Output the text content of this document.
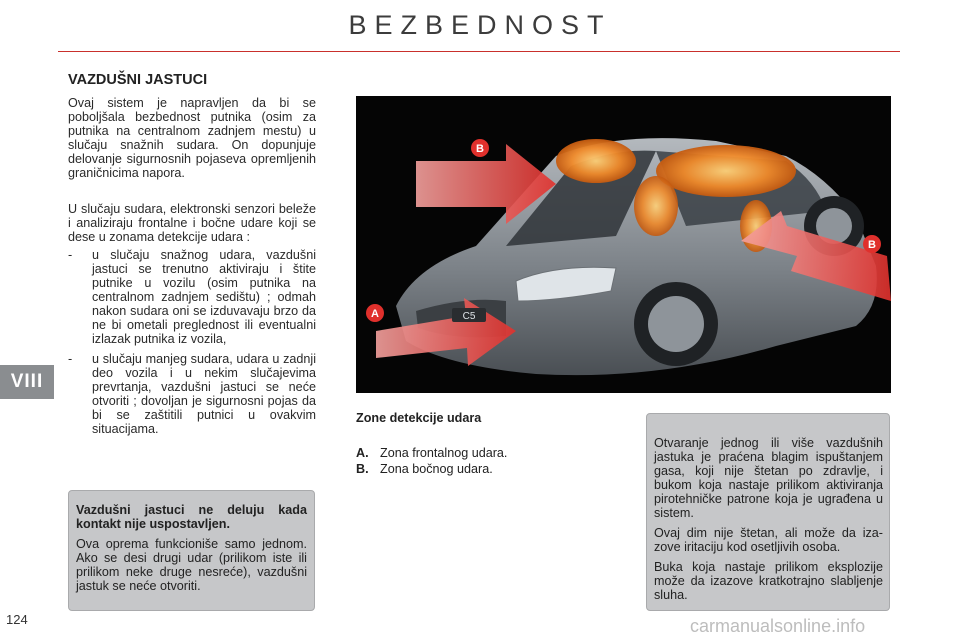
BEZBEDNOST
VIII
VAZDUŠNI JASTUCI

Ovaj sistem je napravljen da bi se poboljšala bezbednost putnika (osim za putnika na centralnom zadnjem mestu) u slučaju snažnih sudara. On dopunjuje delovanje sigurnosnih pojaseva opremljenih graničnicima napora.

U slučaju sudara, elektronski senzori beleže i analiziraju frontalne i bočne udare koji se dese u zonama detekcije udara :

- u slučaju snažnog udara, vazdušni jastuci se trenutno aktiviraju i štite putnike u vozilu (osim putnika na centralnom zadnjem sedištu) ; odmah nakon sudara oni se izduvavaju brzo da ne bi ometali preglednost ili eventualni izlazak putnika iz vozila,
- u slučaju manjeg sudara, udara u zadnji deo vozila i u nekim slučajevima prevrtanja, vazdušni jastuci se neće otvoriti ; dovoljan je sigurnosni pojas da bi se zaštitili putnici u ovakvim situacijama.

Vazdušni jastuci ne deluju kada kontakt nije uspostavljen.

Ova oprema funkcioniše samo jednom. Ako se desi drugi udar (prilikom iste ili prilikom neke druge nesreće), vazdušni jastuk se neće otvoriti.

B
B
A	C5
Zone detekcije udara
A. Zona frontalnog udara.
B. Zona bočnog udara.

Otvaranje jednog ili više vazdušnih jastuka je praćena blagim ispuštanjem gasa, koji nije štetan po zdravlje, i bukom koja nastaje prilikom aktiviranja pirotehničke patrone koja je ugrađena u sistem.

Ovaj dim nije štetan, ali može da iza-zove iritaciju kod osetljivih osoba.

Buka koja nastaje prilikom eksplozije može da izazove kratkotrajno slabljenje sluha.

124	carmanualsonline.info
